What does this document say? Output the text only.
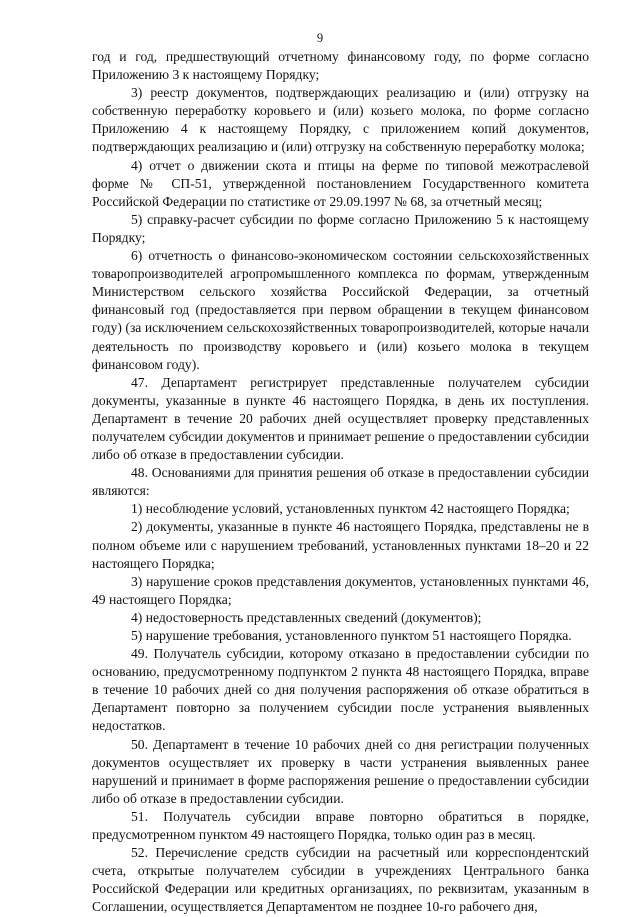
9

год и год, предшествующий отчетному финансовому году, по форме согласно Приложению 3 к настоящему Порядку;

3) реестр документов, подтверждающих реализацию и (или) отгрузку на собственную переработку коровьего и (или) козьего молока, по форме согласно Приложению 4 к настоящему Порядку, с приложением копий документов, подтверждающих реализацию и (или) отгрузку на собственную переработку молока;

4) отчет о движении скота и птицы на ферме по типовой межотраслевой форме № СП-51, утвержденной постановлением Государственного комитета Российской Федерации по статистике от 29.09.1997 № 68, за отчетный месяц;

5) справку-расчет субсидии по форме согласно Приложению 5 к настоящему Порядку;

6) отчетность о финансово-экономическом состоянии сельскохозяйственных товаропроизводителей агропромышленного комплекса по формам, утвержденным Министерством сельского хозяйства Российской Федерации, за отчетный финансовый год (предоставляется при первом обращении в текущем финансовом году) (за исключением сельскохозяйственных товаропроизводителей, которые начали деятельность по производству коровьего и (или) козьего молока в текущем финансовом году).

47. Департамент регистрирует представленные получателем субсидии документы, указанные в пункте 46 настоящего Порядка, в день их поступления. Департамент в течение 20 рабочих дней осуществляет проверку представленных получателем субсидии документов и принимает решение о предоставлении субсидии либо об отказе в предоставлении субсидии.

48. Основаниями для принятия решения об отказе в предоставлении субсидии являются:

1) несоблюдение условий, установленных пунктом 42 настоящего Порядка;

2) документы, указанные в пункте 46 настоящего Порядка, представлены не в полном объеме или с нарушением требований, установленных пунктами 18–20 и 22 настоящего Порядка;

3) нарушение сроков представления документов, установленных пунктами 46, 49 настоящего Порядка;

4) недостоверность представленных сведений (документов);

5) нарушение требования, установленного пунктом 51 настоящего Порядка.

49. Получатель субсидии, которому отказано в предоставлении субсидии по основанию, предусмотренному подпунктом 2 пункта 48 настоящего Порядка, вправе в течение 10 рабочих дней со дня получения распоряжения об отказе обратиться в Департамент повторно за получением субсидии после устранения выявленных недостатков.

50. Департамент в течение 10 рабочих дней со дня регистрации полученных документов осуществляет их проверку в части устранения выявленных ранее нарушений и принимает в форме распоряжения решение о предоставлении субсидии либо об отказе в предоставлении субсидии.

51. Получатель субсидии вправе повторно обратиться в порядке, предусмотренном пунктом 49 настоящего Порядка, только один раз в месяц.

52. Перечисление средств субсидии на расчетный или корреспондентский счета, открытые получателем субсидии в учреждениях Центрального банка Российской Федерации или кредитных организациях, по реквизитам, указанным в Соглашении, осуществляется Департаментом не позднее 10-го рабочего дня,
